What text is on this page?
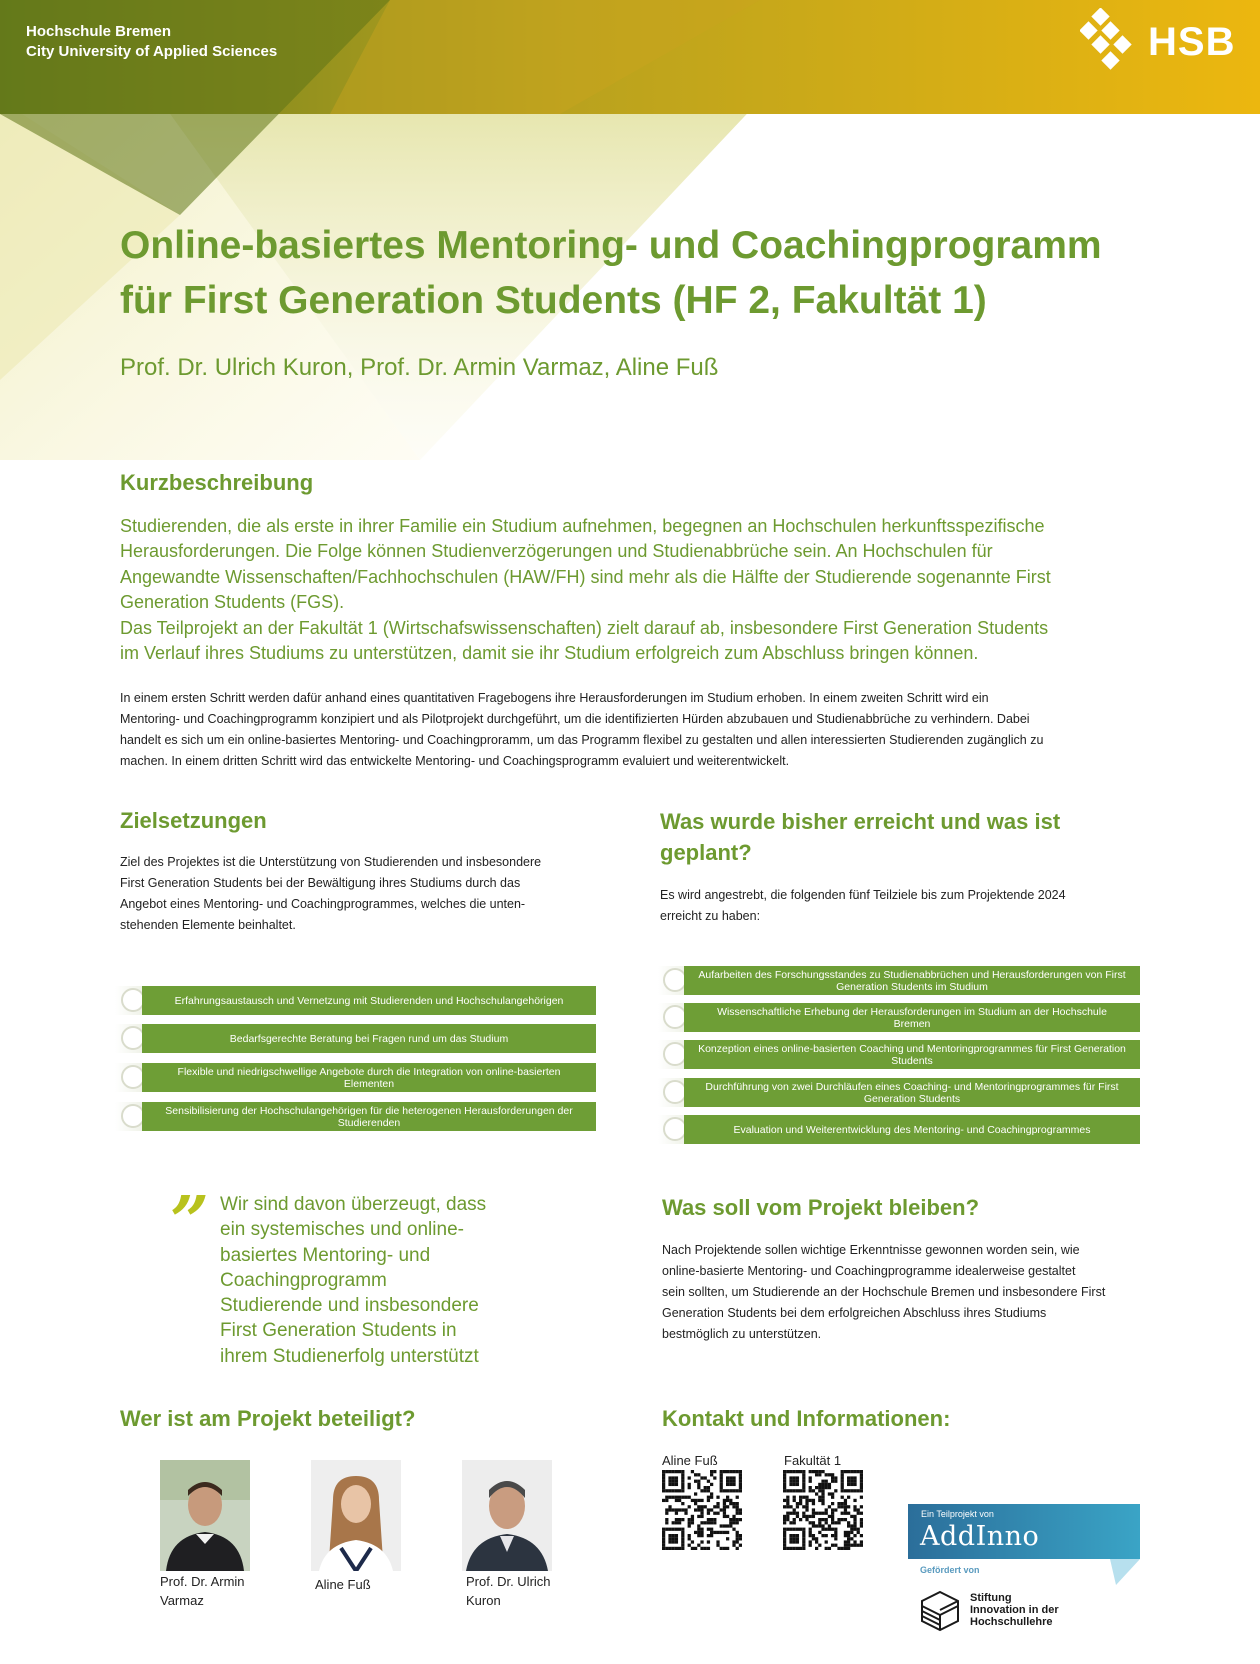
Hochschule Bremen
City University of Applied Sciences	HSB
Online-basiertes Mentoring- und Coachingprogramm
für First Generation Students (HF 2, Fakultät 1)
Prof. Dr. Ulrich Kuron, Prof. Dr. Armin Varmaz, Aline Fuß
Kurzbeschreibung
Studierenden, die als erste in ihrer Familie ein Studium aufnehmen, begegnen an Hochschulen herkunftsspezifische
Herausforderungen. Die Folge können Studienverzögerungen und Studienabbrüche sein. An Hochschulen für
Angewandte Wissenschaften/Fachhochschulen (HAW/FH) sind mehr als die Hälfte der Studierende sogenannte First
Generation Students (FGS).
Das Teilprojekt an der Fakultät 1 (Wirtschafswissenschaften) zielt darauf ab, insbesondere First Generation Students
im Verlauf ihres Studiums zu unterstützen, damit sie ihr Studium erfolgreich zum Abschluss bringen können.
In einem ersten Schritt werden dafür anhand eines quantitativen Fragebogens ihre Herausforderungen im Studium erhoben. In einem zweiten Schritt wird ein
Mentoring- und Coachingprogramm konzipiert und als Pilotprojekt durchgeführt, um die identifizierten Hürden abzubauen und Studienabbrüche zu verhindern. Dabei
handelt es sich um ein online-basiertes Mentoring- und Coachingproramm, um das Programm flexibel zu gestalten und allen interessierten Studierenden zugänglich zu
machen. In einem dritten Schritt wird das entwickelte Mentoring- und Coachingsprogramm evaluiert und weiterentwickelt.
Zielsetzungen
Ziel des Projektes ist die Unterstützung von Studierenden und insbesondere
First Generation Students bei der Bewältigung ihres Studiums durch das
Angebot eines Mentoring- und Coachingprogrammes, welches die unten-
stehenden Elemente beinhaltet.
Erfahrungsaustausch und Vernetzung mit Studierenden und Hochschulangehörigen
Bedarfsgerechte Beratung bei Fragen rund um das Studium
Flexible und niedrigschwellige Angebote durch die Integration von online-basierten Elementen
Sensibilisierung der Hochschulangehörigen für die heterogenen Herausforderungen der Studierenden
Was wurde bisher erreicht und was ist
geplant?
Es wird angestrebt, die folgenden fünf Teilziele bis zum Projektende 2024
erreicht zu haben:
Aufarbeiten des Forschungsstandes zu Studienabbrüchen und Herausforderungen von First Generation Students im Studium
Wissenschaftliche Erhebung der Herausforderungen im Studium an der Hochschule Bremen
Konzeption eines online-basierten Coaching und Mentoringprogrammes für First Generation Students
Durchführung von zwei Durchläufen eines Coaching- und Mentoringprogrammes für First Generation Students
Evaluation und Weiterentwicklung des Mentoring- und Coachingprogrammes
” Wir sind davon überzeugt, dass
ein systemisches und online-
basiertes Mentoring- und
Coachingprogramm
Studierende und insbesondere
First Generation Students in
ihrem Studienerfolg unterstützt
Was soll vom Projekt bleiben?
Nach Projektende sollen wichtige Erkenntnisse gewonnen worden sein, wie
online-basierte Mentoring- und Coachingprogramme idealerweise gestaltet
sein sollten, um Studierende an der Hochschule Bremen und insbesondere First
Generation Students bei dem erfolgreichen Abschluss ihres Studiums
bestmöglich zu unterstützen.
Wer ist am Projekt beteiligt?
Prof. Dr. Armin
Varmaz
Aline Fuß	Prof. Dr. Ulrich
Kuron
Kontakt und Informationen:
Aline Fuß	Fakultät 1
Ein Teilprojekt von
AddInno
Gefördert von
Stiftung
Innovation in der
Hochschullehre
